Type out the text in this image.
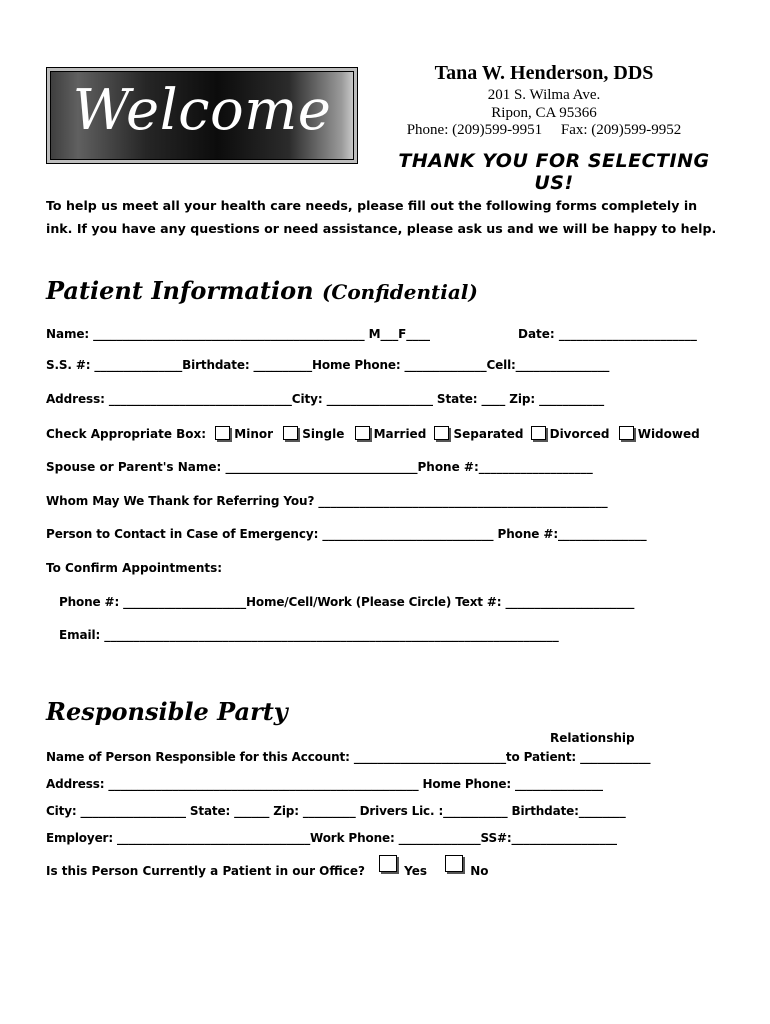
Welcome
Tana W. Henderson, DDS
201 S. Wilma Ave.
Ripon, CA 95366
Phone: (209)599-9951     Fax: (209)599-9952
THANK YOU FOR SELECTING US!
To help us meet all your health care needs, please fill out the following forms completely in ink. If you have any questions or need assistance, please ask us and we will be happy to help.
Patient Information (Confidential)
Name: ______________________________________________ M___F____	Date: _______________________
S.S. #: _______________Birthdate: __________Home Phone: ______________Cell:________________
Address: _______________________________City: __________________ State: ____ Zip: ___________
Check Appropriate Box: Minor Single Married Separated Divorced Widowed
Spouse or Parent's Name: ________________________________Phone #:___________________
Whom May We Thank for Referring You? _________________________________________________
Person to Contact in Case of Emergency: _____________________________ Phone #:_______________
To Confirm Appointments:
Phone #: _____________________Home/Cell/Work (Please Circle) Text #: ______________________
Email: _____________________________________________________________________________
Responsible Party
Relationship
Name of Person Responsible for this Account: __________________________to Patient: ____________
Address: _____________________________________________________ Home Phone: _______________
City: __________________ State: ______ Zip: _________ Drivers Lic. :___________ Birthdate:________
Employer: _________________________________Work Phone: ______________SS#:__________________
Is this Person Currently a Patient in our Office?	Yes	No
